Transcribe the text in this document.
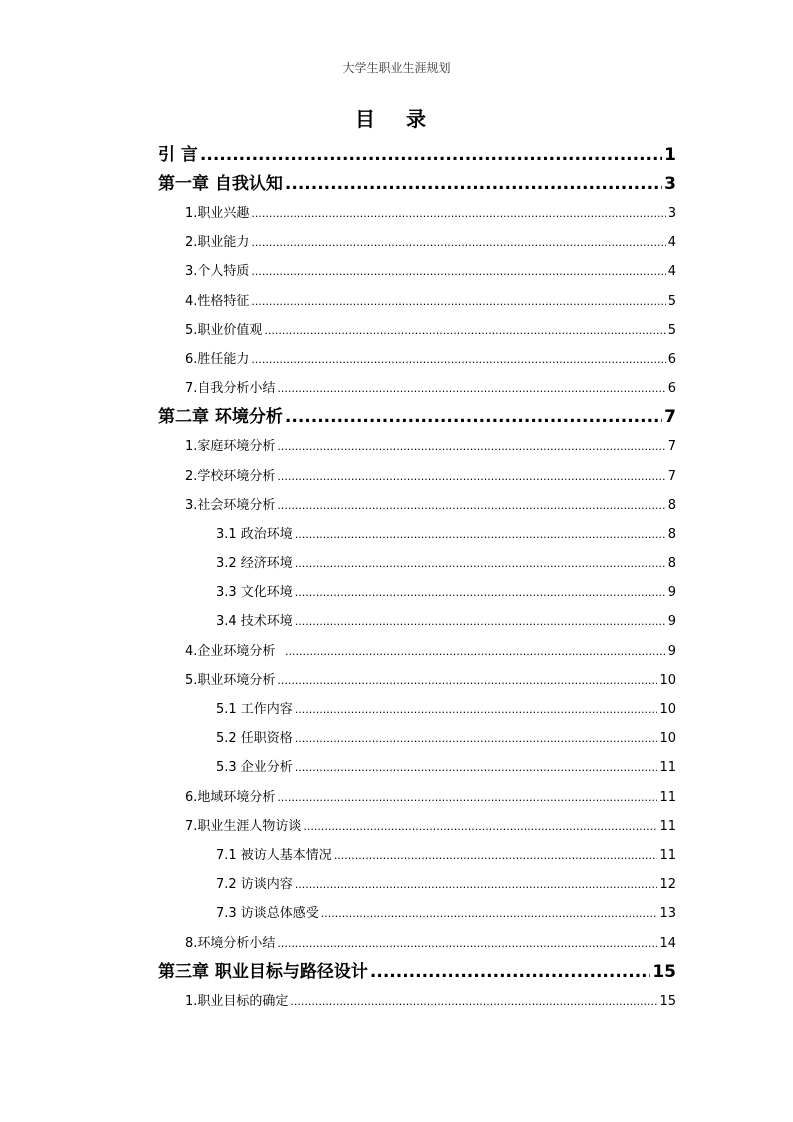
大学生职业生涯规划
目 录
引 言 .....	1
第一章 自我认知 .....	3
1.职业兴趣 .....	3
2.职业能力 .....	4
3.个人特质 .....	4
4.性格特征 .....	5
5.职业价值观 .....	5
6.胜任能力 .....	6
7.自我分析小结 .....	6
第二章 环境分析 .....	7
1.家庭环境分析 .....	7
2.学校环境分析 .....	7
3.社会环境分析 .....	8
3.1 政治环境 .....	8
3.2 经济环境 .....	8
3.3 文化环境 .....	9
3.4 技术环境 .....	9
4.企业环境分析 .....	9
5.职业环境分析 .....	10
5.1 工作内容 .....	10
5.2 任职资格 .....	10
5.3 企业分析 .....	11
6.地域环境分析 .....	11
7.职业生涯人物访谈 .....	11
7.1 被访人基本情况 .....	11
7.2 访谈内容 .....	12
7.3 访谈总体感受 .....	13
8.环境分析小结 .....	14
第三章 职业目标与路径设计 .....	15
1.职业目标的确定 .....	15
